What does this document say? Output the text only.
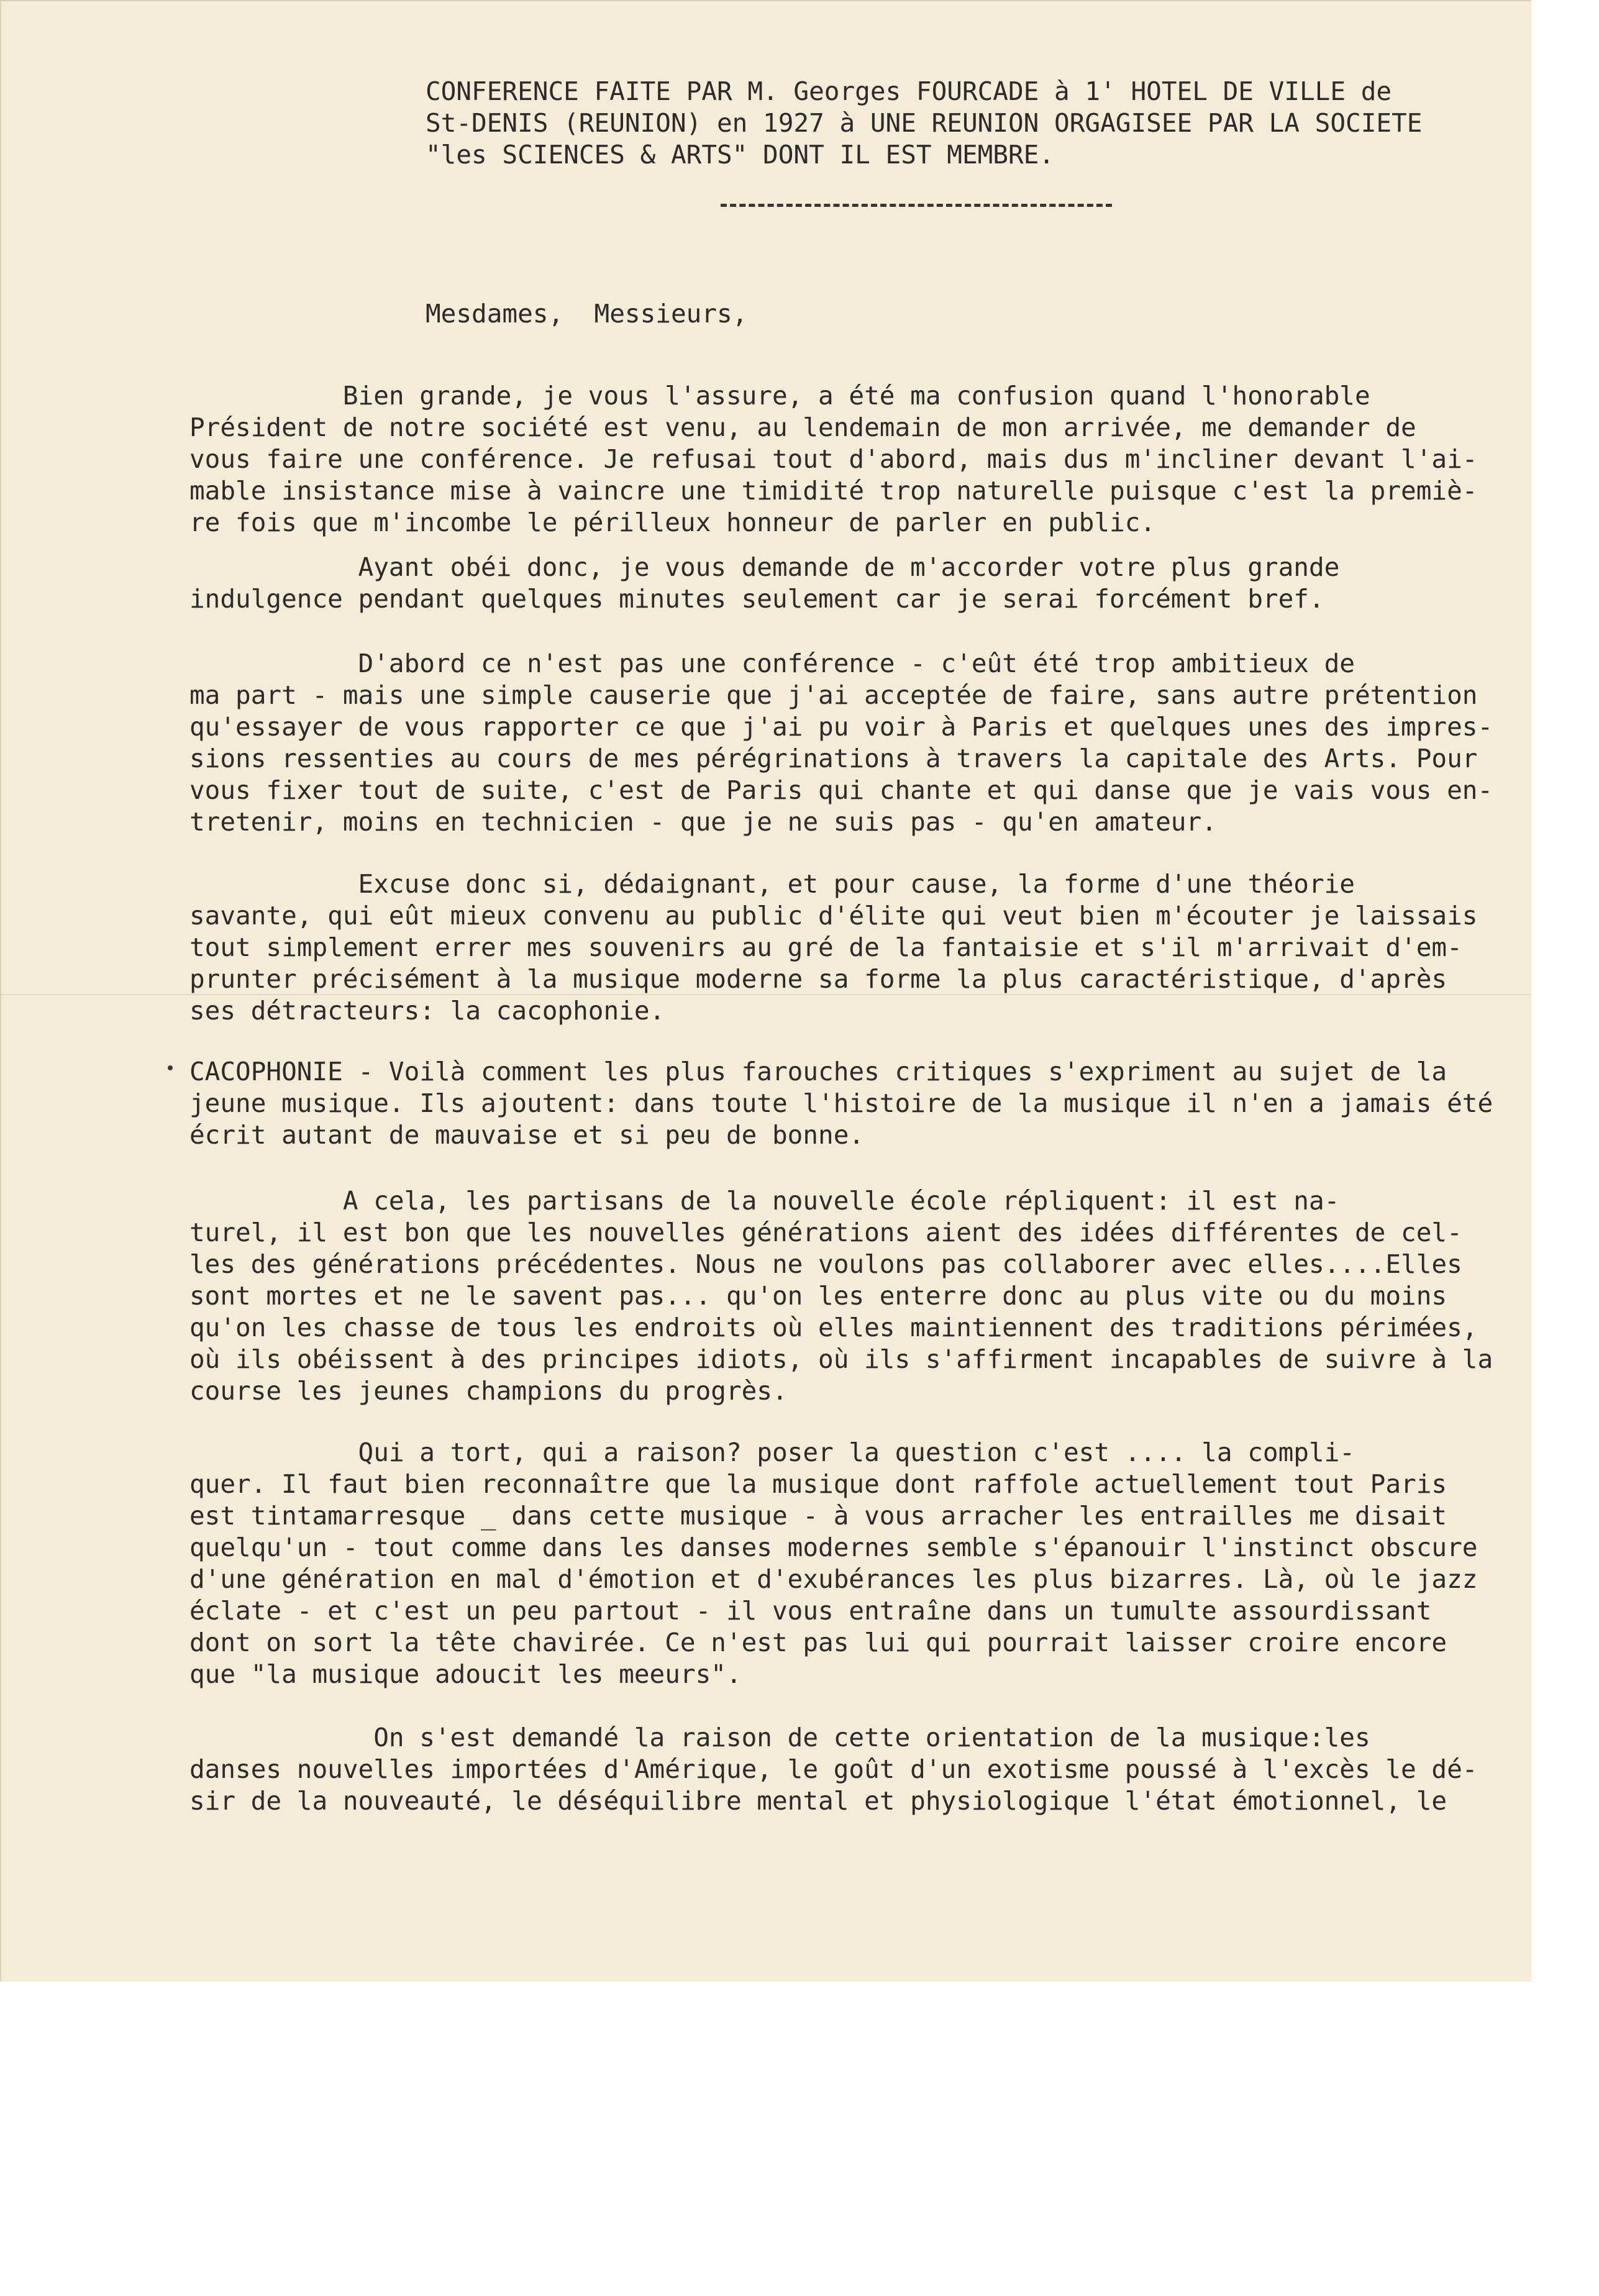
CONFERENCE FAITE PAR M. Georges FOURCADE à 1' HOTEL DE VILLE de
St-DENIS (REUNION) en 1927 à UNE REUNION ORGAGISEE PAR LA SOCIETE
"les SCIENCES & ARTS" DONT IL EST MEMBRE.
Mesdames,  Messieurs,
Bien grande, je vous l'assure, a été ma confusion quand l'honorable
Président de notre société est venu, au lendemain de mon arrivée, me demander de
vous faire une conférence. Je refusai tout d'abord, mais dus m'incliner devant l'ai-
mable insistance mise à vaincre une timidité trop naturelle puisque c'est la premiè-
re fois que m'incombe le périlleux honneur de parler en public.
Ayant obéi donc, je vous demande de m'accorder votre plus grande
indulgence pendant quelques minutes seulement car je serai forcément bref.
D'abord ce n'est pas une conférence - c'eût été trop ambitieux de
ma part - mais une simple causerie que j'ai acceptée de faire, sans autre prétention
qu'essayer de vous rapporter ce que j'ai pu voir à Paris et quelques unes des impres-
sions ressenties au cours de mes pérégrinations à travers la capitale des Arts. Pour
vous fixer tout de suite, c'est de Paris qui chante et qui danse que je vais vous en-
tretenir, moins en technicien - que je ne suis pas - qu'en amateur.
Excuse donc si, dédaignant, et pour cause, la forme d'une théorie
savante, qui eût mieux convenu au public d'élite qui veut bien m'écouter je laissais
tout simplement errer mes souvenirs au gré de la fantaisie et s'il m'arrivait d'em-
prunter précisément à la musique moderne sa forme la plus caractéristique, d'après
ses détracteurs: la cacophonie.
CACOPHONIE - Voilà comment les plus farouches critiques s'expriment au sujet de la
jeune musique. Ils ajoutent: dans toute l'histoire de la musique il n'en a jamais été
écrit autant de mauvaise et si peu de bonne.
A cela, les partisans de la nouvelle école répliquent: il est na-
turel, il est bon que les nouvelles générations aient des idées différentes de cel-
les des générations précédentes. Nous ne voulons pas collaborer avec elles....Elles
sont mortes et ne le savent pas... qu'on les enterre donc au plus vite ou du moins
qu'on les chasse de tous les endroits où elles maintiennent des traditions périmées,
où ils obéissent à des principes idiots, où ils s'affirment incapables de suivre à la
course les jeunes champions du progrès.
Qui a tort, qui a raison? poser la question c'est .... la compli-
quer. Il faut bien reconnaître que la musique dont raffole actuellement tout Paris
est tintamarresque _ dans cette musique - à vous arracher les entrailles me disait
quelqu'un - tout comme dans les danses modernes semble s'épanouir l'instinct obscure
d'une génération en mal d'émotion et d'exubérances les plus bizarres. Là, où le jazz
éclate - et c'est un peu partout - il vous entraîne dans un tumulte assourdissant
dont on sort la tête chavirée. Ce n'est pas lui qui pourrait laisser croire encore
que "la musique adoucit les meeurs".
On s'est demandé la raison de cette orientation de la musique:les
danses nouvelles importées d'Amérique, le goût d'un exotisme poussé à l'excès le dé-
sir de la nouveauté, le déséquilibre mental et physiologique l'état émotionnel, le
